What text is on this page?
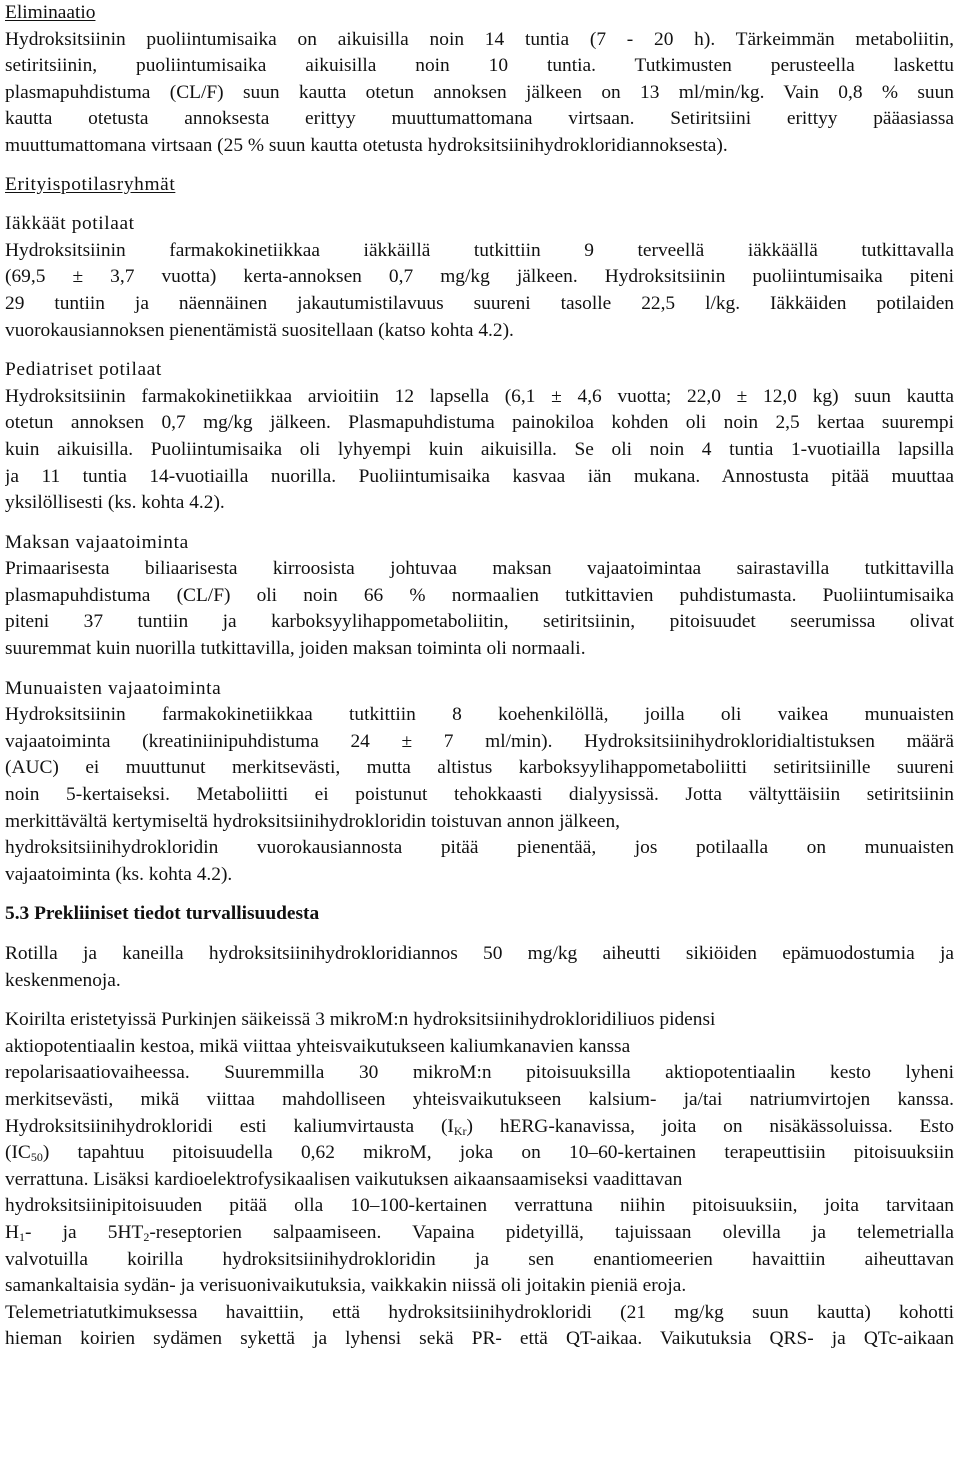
Eliminaatio
Hydroksitsiinin puoliintumisaika on aikuisilla noin 14 tuntia (7 - 20 h). Tärkeimmän metaboliitin,
setiritsiinin, puoliintumisaika aikuisilla noin 10 tuntia. Tutkimusten perusteella laskettu
plasmapuhdistuma (CL/F) suun kautta otetun annoksen jälkeen on 13 ml/min/kg. Vain 0,8 % suun
kautta otetusta annoksesta erittyy muuttumattomana virtsaan. Setiritsiini erittyy pääasiassa
muuttumattomana virtsaan (25 % suun kautta otetusta hydroksitsiinihydrokloridiannoksesta).
Erityispotilasryhmät
Iäkkäät potilaat
Hydroksitsiinin farmakokinetiikkaa iäkkäillä tutkittiin 9 terveellä iäkkäällä tutkittavalla
(69,5 ± 3,7 vuotta) kerta-annoksen 0,7 mg/kg jälkeen. Hydroksitsiinin puoliintumisaika piteni
29 tuntiin ja näennäinen jakautumistilavuus suureni tasolle 22,5 l/kg. Iäkkäiden potilaiden
vuorokausiannoksen pienentämistä suositellaan (katso kohta 4.2).
Pediatriset potilaat
Hydroksitsiinin farmakokinetiikkaa arvioitiin 12 lapsella (6,1 ± 4,6 vuotta; 22,0 ± 12,0 kg) suun kautta
otetun annoksen 0,7 mg/kg jälkeen. Plasmapuhdistuma painokiloa kohden oli noin 2,5 kertaa suurempi
kuin aikuisilla. Puoliintumisaika oli lyhyempi kuin aikuisilla. Se oli noin 4 tuntia 1-vuotiailla lapsilla
ja 11 tuntia 14-vuotiailla nuorilla. Puoliintumisaika kasvaa iän mukana. Annostusta pitää muuttaa
yksilöllisesti (ks. kohta 4.2).
Maksan vajaatoiminta
Primaarisesta biliaarisesta kirroosista johtuvaa maksan vajaatoimintaa sairastavilla tutkittavilla
plasmapuhdistuma (CL/F) oli noin 66 % normaalien tutkittavien puhdistumasta. Puoliintumisaika
piteni 37 tuntiin ja karboksyylihappometaboliitin, setiritsiinin, pitoisuudet seerumissa olivat
suuremmat kuin nuorilla tutkittavilla, joiden maksan toiminta oli normaali.
Munuaisten vajaatoiminta
Hydroksitsiinin farmakokinetiikkaa tutkittiin 8 koehenkilöllä, joilla oli vaikea munuaisten
vajaatoiminta (kreatiniinipuhdistuma 24 ± 7 ml/min). Hydroksitsiinihydrokloridialtistuksen määrä
(AUC) ei muuttunut merkitsevästi, mutta altistus karboksyylihappometaboliitti setiritsiinille suureni
noin 5-kertaiseksi. Metaboliitti ei poistunut tehokkaasti dialyysissä. Jotta vältyttäisiin setiritsiinin
merkittävältä kertymiseltä hydroksitsiinihydrokloridin toistuvan annon jälkeen,
hydroksitsiinihydrokloridin vuorokausiannosta pitää pienentää, jos potilaalla on munuaisten
vajaatoiminta (ks. kohta 4.2).
5.3 Prekliiniset tiedot turvallisuudesta
Rotilla ja kaneilla hydroksitsiinihydrokloridiannos 50 mg/kg aiheutti sikiöiden epämuodostumia ja
keskenmenoja.
Koirilta eristetyissä Purkinjen säikeissä 3 mikroM:n hydroksitsiinihydrokloridiliuos pidensi
aktiopotentiaalin kestoa, mikä viittaa yhteisvaikutukseen kaliumkanavien kanssa
repolarisaatiovaiheessa. Suuremmilla 30 mikroM:n pitoisuuksilla aktiopotentiaalin kesto lyheni
merkitsevästi, mikä viittaa mahdolliseen yhteisvaikutukseen kalsium- ja/tai natriumvirtojen kanssa.
Hydroksitsiinihydrokloridi esti kaliumvirtausta $(I_{Kr})$ hERG-kanavissa, joita on nisäkässoluissa. Esto
$(IC_{50})$ tapahtuu pitoisuudella 0,62 mikroM, joka on 10–60-kertainen terapeuttisiin pitoisuuksiin
verrattuna. Lisäksi kardioelektrofysikaalisen vaikutuksen aikaansaamiseksi vaadittavan
hydroksitsiinipitoisuuden pitää olla 10–100-kertainen verrattuna niihin pitoisuuksiin, joita tarvitaan
$H_1-$ ja $5HT_2$-reseptorien salpaamiseen. Vapaina pidetyillä, tajuissaan olevilla ja telemetrialla
valvotuilla koirilla hydroksitsiinihydrokloridin ja sen enantiomeerien havaittiin aiheuttavan
samankaltaisia sydän- ja verisuonivaikutuksia, vaikkakin niissä oli joitakin pieniä eroja.
Telemetriatutkimuksessa havaittiin, että hydroksitsiinihydrokloridi (21 mg/kg suun kautta) kohotti
hieman koirien sydämen sykettä ja lyhensi sekä PR- että QT-aikaa. Vaikutuksia QRS- ja QTc-aikaan
